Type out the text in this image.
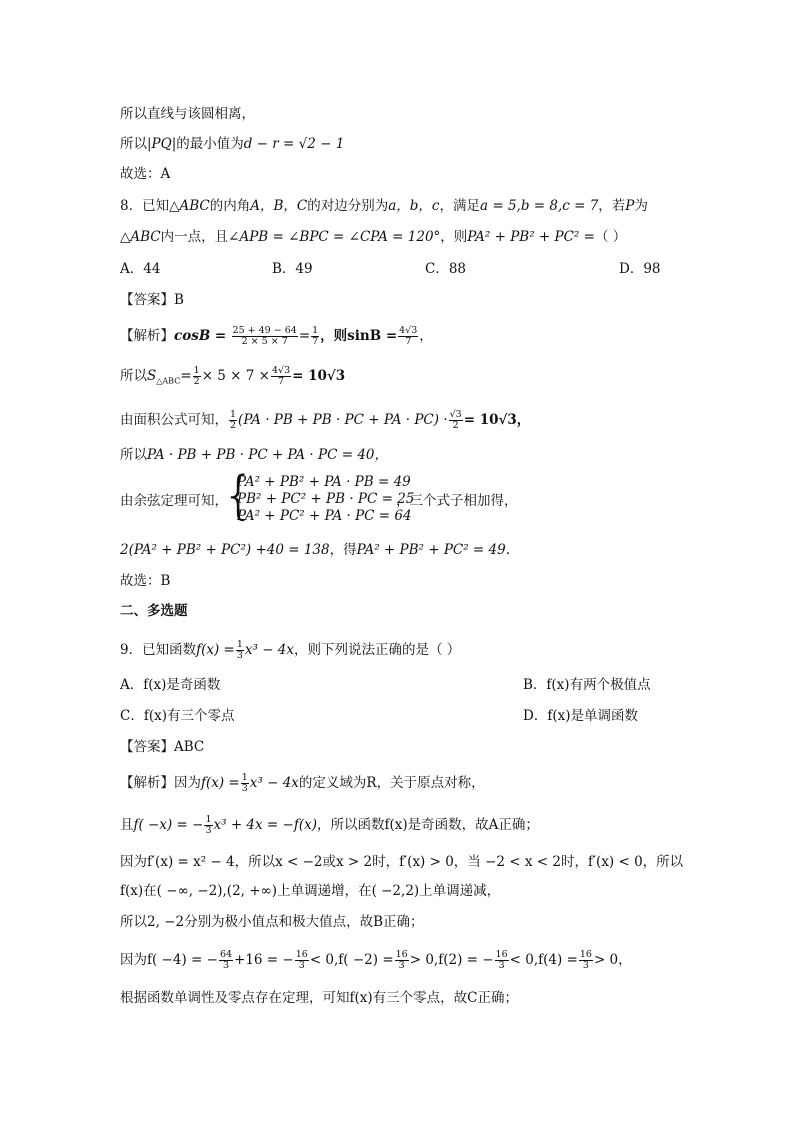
所以直线与该圆相离，
所以|PQ|的最小值为d − r = √2 − 1
故选：A
8．已知△ABC的内角A，B，C的对边分别为a，b，c，满足a = 5,b = 8,c = 7，若P为
△ABC内一点，且∠APB = ∠BPC = ∠CPA = 120°，则PA² + PB² + PC² =（ ）
A．44	B．49	C．88	D．98
【答案】B
【解析】$\cos B = \frac{25 + 49 - 64}{2 \times 5 \times 7} = \frac{1}{7}$ ，则$\sin B = \frac{4√3}{7}$ ，
所以$S_{\triangle ABC}= \frac{1}{2} \times 5 \times 7 \times \frac{4√3}{7} = 10√3$
由面积公式可知， $\frac{1}{2} (PA$ · PB + PB · PC + PA · $PC) \cdot \frac{√3}{2} = 10√3$，
所以PA · PB + PB · PC + PA · PC = 40，
由余弦定理可知，
{
PA² + PB² + PA · PB = 49
PB² + PC² + PB · PC = 25
PA² + PC² + PA · PC = 64
，三个式子相加得，
2(PA² + PB² + PC²) +40 = 138，得PA² + PB² + PC² = 49.
故选：B
二、多选题
9．已知函数$f(x) = \frac{1}{3} x^3 - 4x$，则下列说法正确的是（ ）
A．f(x)是奇函数	B．f(x)有两个极值点
C．f(x)有三个零点	D．f(x)是单调函数
【答案】ABC
【解析】因为$f(x) = \frac{1}{3} x^3 - 4x$的定义域为R，关于原点对称，
且f( −x) = − $\frac{1}{3} x^3 + 4x = -f(x)$，所以函数f(x)是奇函数，故A正确；
因为f′(x) = x² − 4，所以x < −2或x > 2时，f′(x) > 0，当 −2 < x < 2时，f′(x) < 0，所以
f(x)在( −∞, −2),(2, +∞)上单调递增，在( −2,2)上单调递减，
所以2, −2分别为极小值点和极大值点，故B正确；
因为f( −4) = − $\frac{64}{3} +16$ = − $\frac{16}{3} < 0,f( -2) = \frac{16}{3} > 0,f(2)$ = − $\frac{16}{3} < 0,f(4) = \frac{16}{3} > 0$，
根据函数单调性及零点存在定理，可知f(x)有三个零点，故C正确；
